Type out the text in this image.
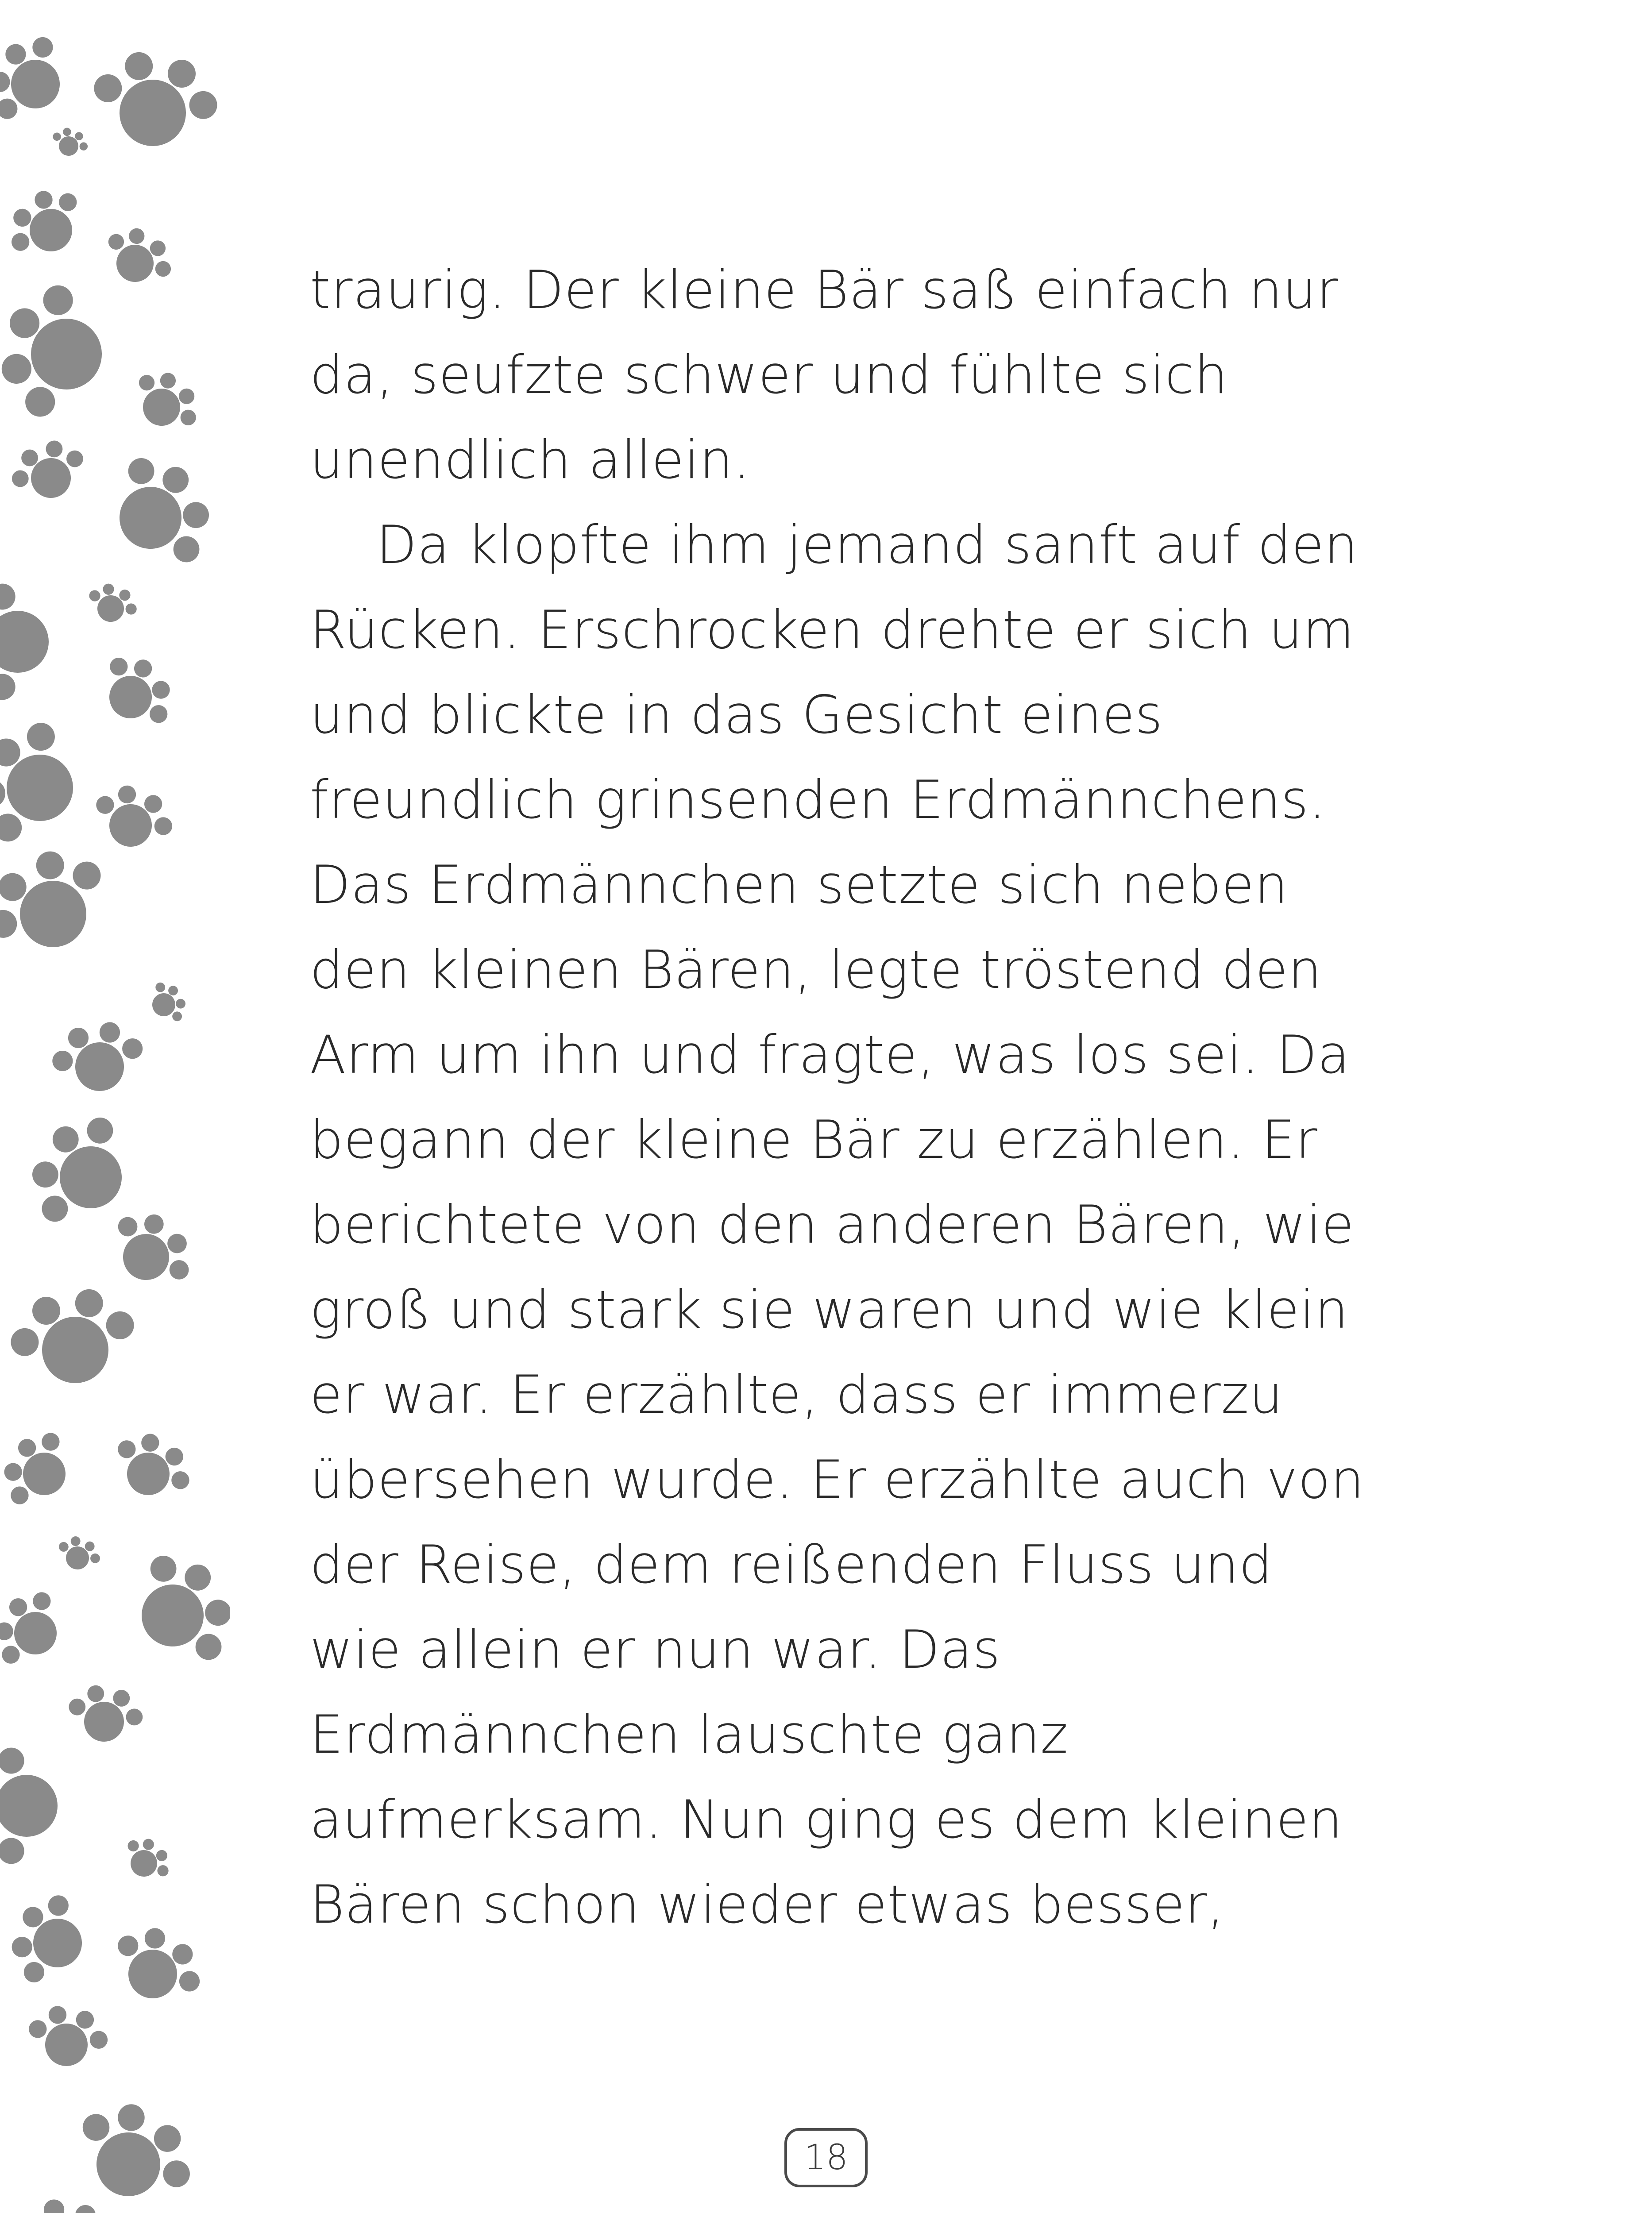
traurig. Der kleine Bär saß einfach nur
da, seufzte schwer und fühlte sich
unendlich allein.
Da klopfte ihm jemand sanft auf den
Rücken. Erschrocken drehte er sich um
und blickte in das Gesicht eines
freundlich grinsenden Erdmännchens.
Das Erdmännchen setzte sich neben
den kleinen Bären, legte tröstend den
Arm um ihn und fragte, was los sei. Da
begann der kleine Bär zu erzählen. Er
berichtete von den anderen Bären, wie
groß und stark sie waren und wie klein
er war. Er erzählte, dass er immerzu
übersehen wurde. Er erzählte auch von
der Reise, dem reißenden Fluss und
wie allein er nun war. Das
Erdmännchen lauschte ganz
aufmerksam. Nun ging es dem kleinen
Bären schon wieder etwas besser,
18
